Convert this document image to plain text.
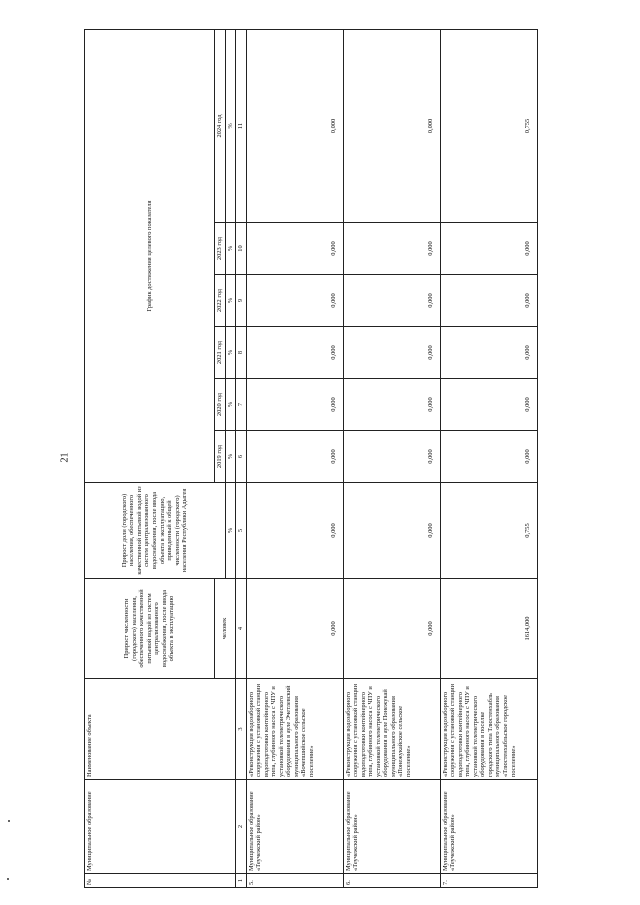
21
№	Муниципальное образование	Наименование объекта	Прирост численности (городского) населения, обеспеченного качественной питьевой водой из систем централизованного водоснабжения, после ввода объекта в эксплуатацию	Прирост доли (городского) населения, обеспеченного качественной питьевой водой из систем централизованного водоснабжения, после ввода объекта в эксплуатацию, приведенный к общей численности (городского) населения Республики Адыгея	График достижения целевого показателя					
			человек		2019 год	2020 год	2021 год	2022 год	2023 год	2024 год
				%	%	%	%	%	%	%
1	2	3	4	5	6	7	8	9	10	11
5.	Муниципальное образование «Теучежский район»	«Реконструкция водозаборного сооружения с установкой станции водоподготовки контейнерного типа, глубинного насоса с ЧПУ и установкой телеметрического оборудования в ауле Эчетлевский муниципального образования «Вочепшийское сельское поселение»	0,000	0,000	0,000	0,000	0,000	0,000	0,000	0,000
6.	Муниципальное образование «Теучежский район»	«Реконструкция водозаборного сооружения с установкой станции водоподготовки контейнерного типа, глубинного насоса с ЧПУ и установкой телеметрического оборудования в ауле Понежукай муниципального образования «Понежукайское сельское поселение»	0,000	0,000	0,000	0,000	0,000	0,000	0,000	0,000
7.	Муниципальное образование «Теучежский район»	«Реконструкция водозаборного сооружения с установкой станции водоподготовки контейнерного типа, глубинного насоса с ЧПУ и установкой телеметрического оборудования в поселке городского типа Тлюстенхабль муниципального образования «Тлюстенхабльское городское поселение»	1614,000	0,755	0,000	0,000	0,000	0,000	0,000	0,755
